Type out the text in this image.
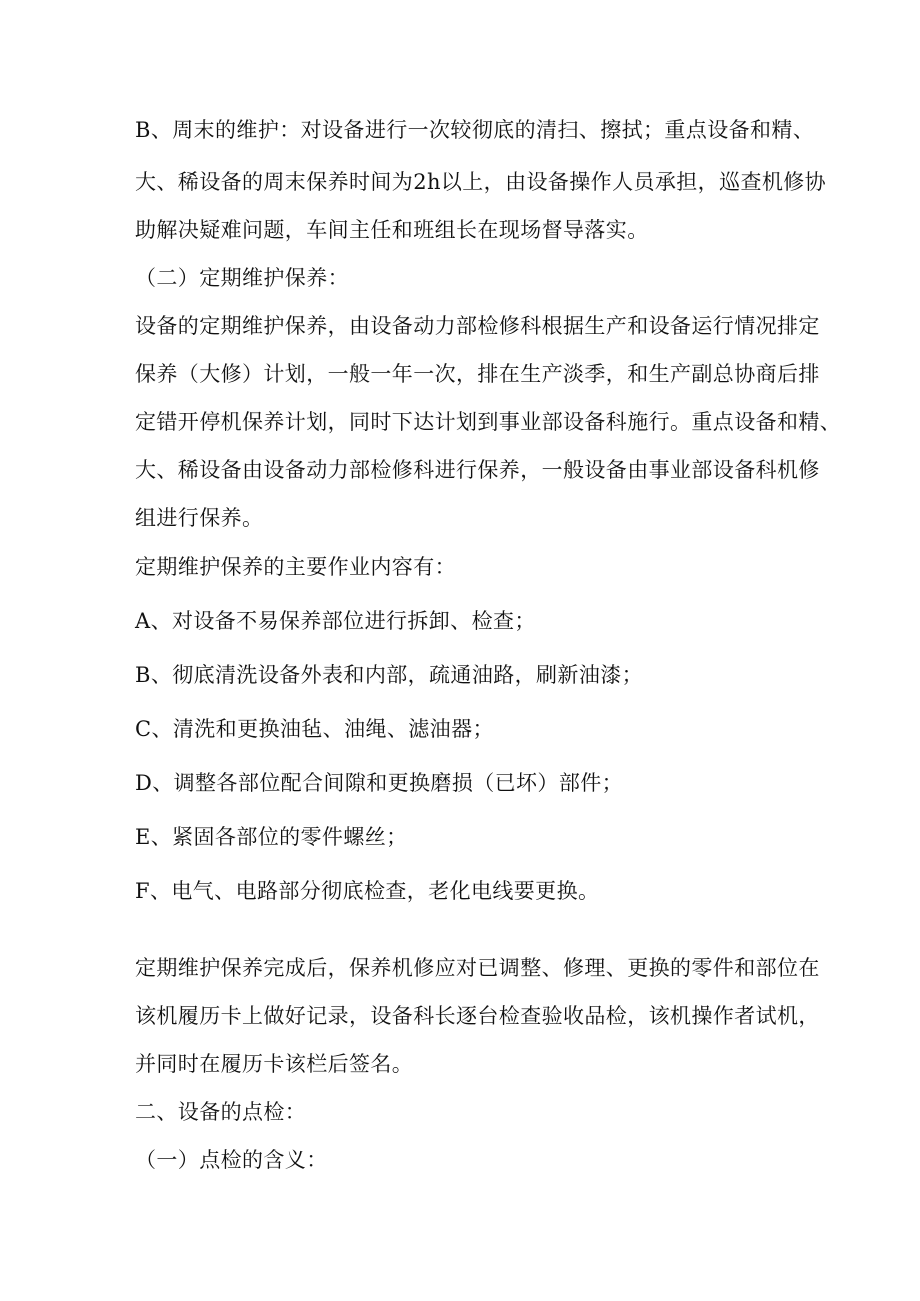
B、周末的维护：对设备进行一次较彻底的清扫、擦拭；重点设备和精、
大、稀设备的周末保养时间为2h以上，由设备操作人员承担，巡查机修协
助解决疑难问题，车间主任和班组长在现场督导落实。
（二）定期维护保养：
设备的定期维护保养，由设备动力部检修科根据生产和设备运行情况排定
保养（大修）计划，一般一年一次，排在生产淡季，和生产副总协商后排
定错开停机保养计划，同时下达计划到事业部设备科施行。重点设备和精、
大、稀设备由设备动力部检修科进行保养，一般设备由事业部设备科机修
组进行保养。
定期维护保养的主要作业内容有：
A、对设备不易保养部位进行拆卸、检查；
B、彻底清洗设备外表和内部，疏通油路，刷新油漆；
C、清洗和更换油毡、油绳、滤油器；
D、调整各部位配合间隙和更换磨损（已坏）部件；
E、紧固各部位的零件螺丝；
F、电气、电路部分彻底检查，老化电线要更换。
定期维护保养完成后，保养机修应对已调整、修理、更换的零件和部位在
该机履历卡上做好记录，设备科长逐台检查验收品检，该机操作者试机，
并同时在履历卡该栏后签名。
二、设备的点检：
（一）点检的含义：
